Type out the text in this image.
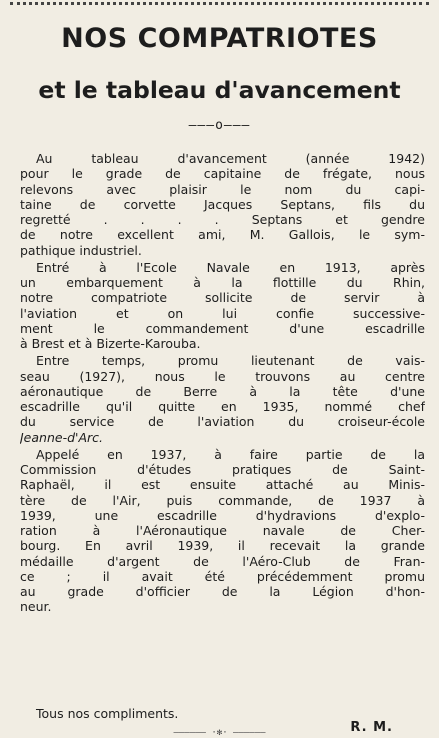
NOS COMPATRIOTES
et le tableau d'avancement
———o———
Au tableau d'avancement (année 1942)
pour le grade de capitaine de frégate, nous
relevons avec plaisir le nom du capi-
taine de corvette Jacques Septans, fils du
regretté . . . . Septans et gendre
de notre excellent ami, M. Gallois, le sym-
pathique industriel.
Entré à l'Ecole Navale en 1913, après
un embarquement à la flottille du Rhin,
notre compatriote sollicite de servir à
l'aviation et on lui confie successive-
ment le commandement d'une escadrille
à Brest et à Bizerte-Karouba.
Entre temps, promu lieutenant de vais-
seau (1927), nous le trouvons au centre
aéronautique de Berre à la tête d'une
escadrille qu'il quitte en 1935, nommé chef
du service de l'aviation du croiseur-école
Jeanne-d'Arc.
Appelé en 1937, à faire partie de la
Commission d'études pratiques de Saint-
Raphaël, il est ensuite attaché au Minis-
tère de l'Air, puis commande, de 1937 à
1939, une escadrille d'hydravions d'explo-
ration à l'Aéronautique navale de Cher-
bourg. En avril 1939, il recevait la grande
médaille d'argent de l'Aéro-Club de Fran-
ce ; il avait été précédemment promu
au grade d'officier de la Légion d'hon-
neur.
Tous nos compliments.
R. M.
—————— ·✻· ——————
